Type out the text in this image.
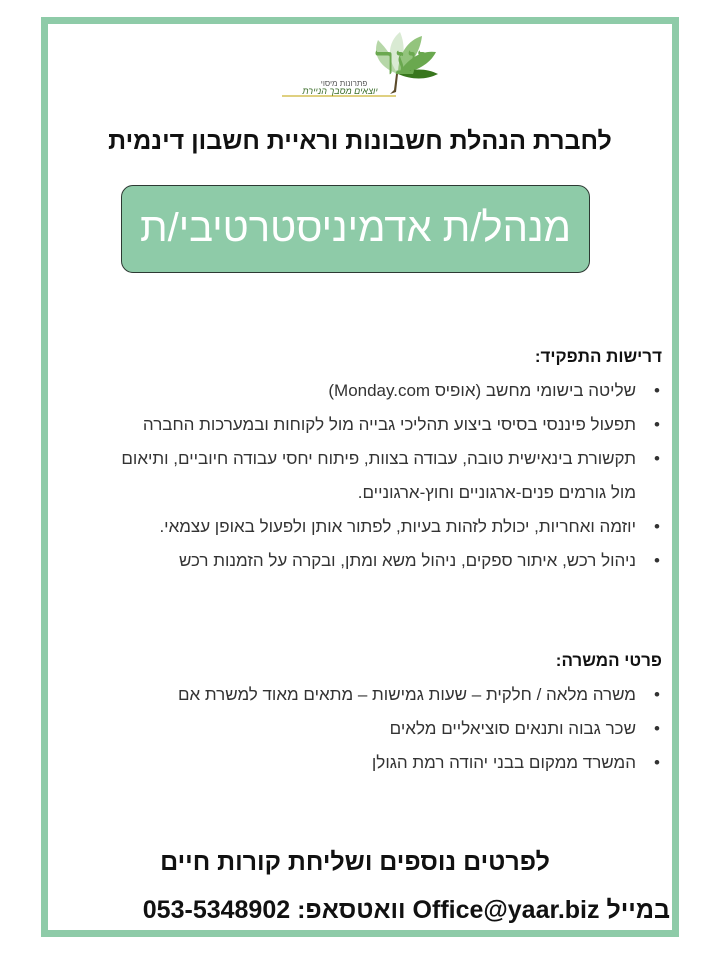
יער
פתרונות מיסוי
יוצאים מסבך הניירת
לחברת הנהלת חשבונות וראיית חשבון דינמית
מנהל/ת אדמיניסטרטיבי/ת
דרישות התפקיד:
•
שליטה בישומי מחשב (אופיס Monday.com)
•
תפעול פיננסי בסיסי ביצוע תהליכי גבייה מול לקוחות ובמערכות החברה
•
תקשורת בינאישית טובה, עבודה בצוות, פיתוח יחסי עבודה חיוביים, ותיאום
מול גורמים פנים-ארגוניים וחוץ-ארגוניים.
•
יוזמה ואחריות, יכולת לזהות בעיות, לפתור אותן ולפעול באופן עצמאי.
•
ניהול רכש, איתור ספקים, ניהול משא ומתן, ובקרה על הזמנות רכש
פרטי המשרה:
•
משרה מלאה / חלקית – שעות גמישות – מתאים מאוד למשרת אם
•
שכר גבוה ותנאים סוציאליים מלאים
•
המשרד ממקום בבני יהודה רמת הגולן
לפרטים נוספים ושליחת קורות חיים
במייל Office@yaar.biz וואטסאפ: 053-5348902
